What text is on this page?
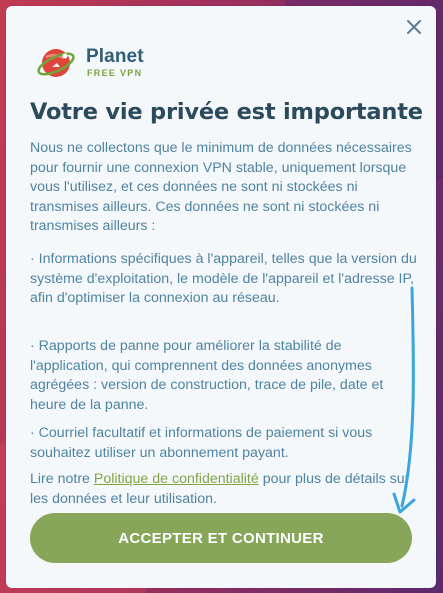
Planet
FREE VPN
Votre vie privée est importante

Nous ne collectons que le minimum de données nécessaires pour fournir une connexion VPN stable, uniquement lorsque vous l'utilisez, et ces données ne sont ni stockées ni transmises ailleurs. Ces données ne sont ni stockées ni transmises ailleurs :

· Informations spécifiques à l'appareil, telles que la version du système d'exploitation, le modèle de l'appareil et l'adresse IP, afin d'optimiser la connexion au réseau.

· Rapports de panne pour améliorer la stabilité de l'application, qui comprennent des données anonymes agrégées : version de construction, trace de pile, date et heure de la panne.

· Courriel facultatif et informations de paiement si vous souhaitez utiliser un abonnement payant.

Lire notre Politique de confidentialité pour plus de détails sur les données et leur utilisation.

ACCEPTER ET CONTINUER
